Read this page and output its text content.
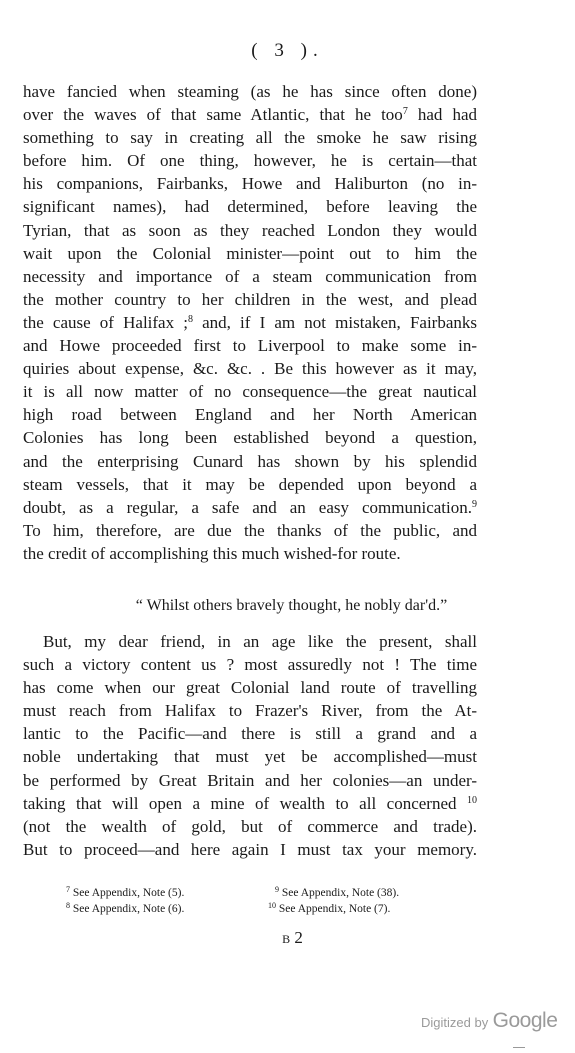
( 3 ).
have fancied when steaming (as he has since often done)
over the waves of that same Atlantic, that he too$^7$ had had
something to say in creating all the smoke he saw rising
before him. Of one thing, however, he is certain—that
his companions, Fairbanks, Howe and Haliburton (no in-
significant names), had determined, before leaving the
Tyrian, that as soon as they reached London they would
wait upon the Colonial minister—point out to him the
necessity and importance of a steam communication from
the mother country to her children in the west, and plead
the cause of Halifax ;$^8$ and, if I am not mistaken, Fairbanks
and Howe proceeded first to Liverpool to make some in-
quiries about expense, &c. &c. . Be this however as it may,
it is all now matter of no consequence—the great nautical
high road between England and her North American
Colonies has long been established beyond a question,
and the enterprising Cunard has shown by his splendid
steam vessels, that it may be depended upon beyond a
doubt, as a regular, a safe and an easy communication.$^9$
To him, therefore, are due the thanks of the public, and
the credit of accomplishing this much wished-for route.
“ Whilst others bravely thought, he nobly dar'd.”
But, my dear friend, in an age like the present, shall
such a victory content us ? most assuredly not ! The time
has come when our great Colonial land route of travelling
must reach from Halifax to Frazer's River, from the At-
lantic to the Pacific—and there is still a grand and a
noble undertaking that must yet be accomplished—must
be performed by Great Britain and her colonies—an under-
taking that will open a mine of wealth to all concerned $^{10}$
(not the wealth of gold, but of commerce and trade).
But to proceed—and here again I must tax your memory.
$^7$ See Appendix, Note (5).
$^8$ See Appendix, Note (6).
$^9$ See Appendix, Note (38).
$^{10}$ See Appendix, Note (7).
B 2
Digitized by Google
